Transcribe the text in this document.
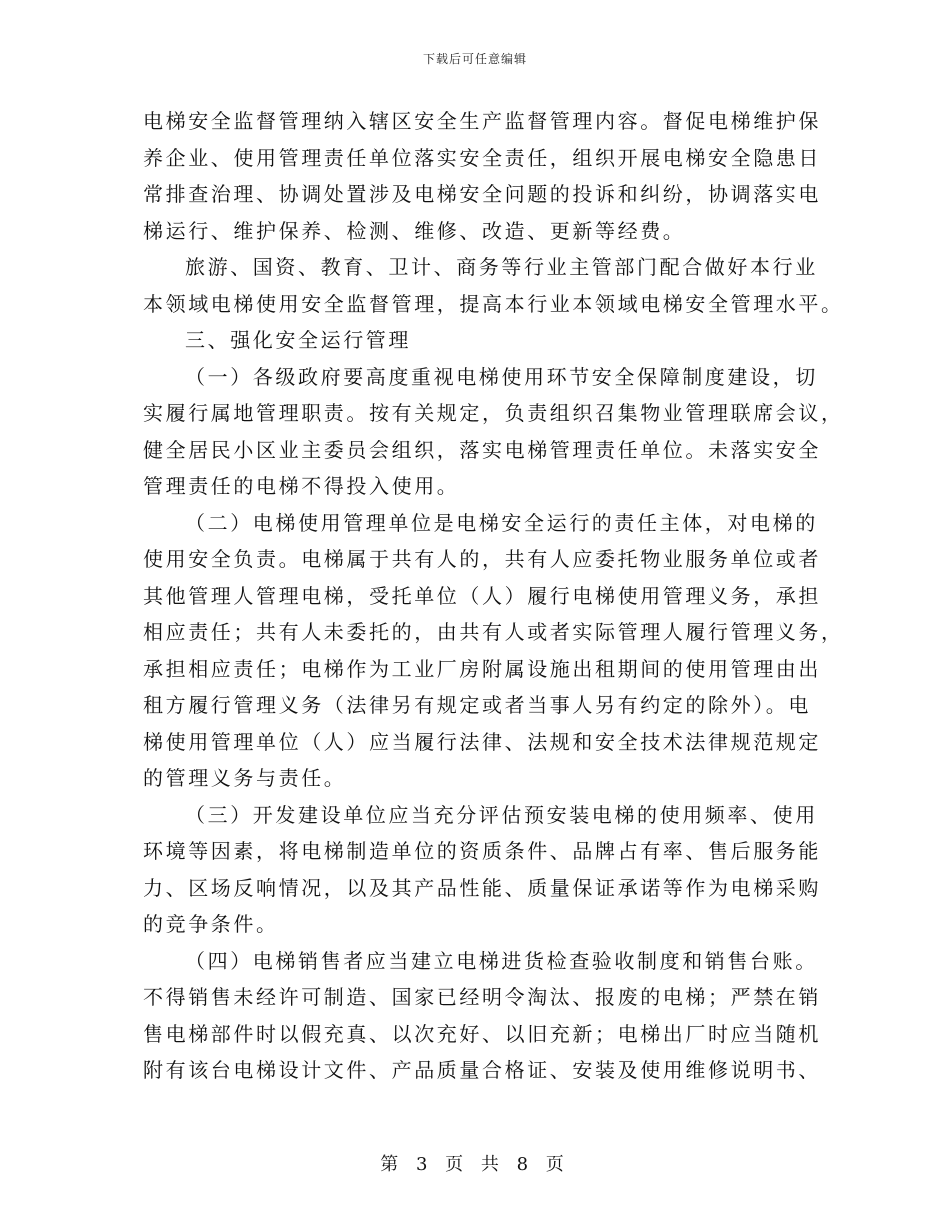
下载后可任意编辑
电梯安全监督管理纳入辖区安全生产监督管理内容。督促电梯维护保
养企业、使用管理责任单位落实安全责任，组织开展电梯安全隐患日
常排查治理、协调处置涉及电梯安全问题的投诉和纠纷，协调落实电
梯运行、维护保养、检测、维修、改造、更新等经费。
旅游、国资、教育、卫计、商务等行业主管部门配合做好本行业
本领域电梯使用安全监督管理，提高本行业本领域电梯安全管理水平。
三、强化安全运行管理
（一）各级政府要高度重视电梯使用环节安全保障制度建设，切
实履行属地管理职责。按有关规定，负责组织召集物业管理联席会议，
健全居民小区业主委员会组织，落实电梯管理责任单位。未落实安全
管理责任的电梯不得投入使用。
（二）电梯使用管理单位是电梯安全运行的责任主体，对电梯的
使用安全负责。电梯属于共有人的，共有人应委托物业服务单位或者
其他管理人管理电梯，受托单位（人）履行电梯使用管理义务，承担
相应责任；共有人未委托的，由共有人或者实际管理人履行管理义务，
承担相应责任；电梯作为工业厂房附属设施出租期间的使用管理由出
租方履行管理义务（法律另有规定或者当事人另有约定的除外）。电
梯使用管理单位（人）应当履行法律、法规和安全技术法律规范规定
的管理义务与责任。
（三）开发建设单位应当充分评估预安装电梯的使用频率、使用
环境等因素，将电梯制造单位的资质条件、品牌占有率、售后服务能
力、区场反响情况，以及其产品性能、质量保证承诺等作为电梯采购
的竞争条件。
（四）电梯销售者应当建立电梯进货检查验收制度和销售台账。
不得销售未经许可制造、国家已经明令淘汰、报废的电梯；严禁在销
售电梯部件时以假充真、以次充好、以旧充新；电梯出厂时应当随机
附有该台电梯设计文件、产品质量合格证、安装及使用维修说明书、
第 3 页 共 8 页
